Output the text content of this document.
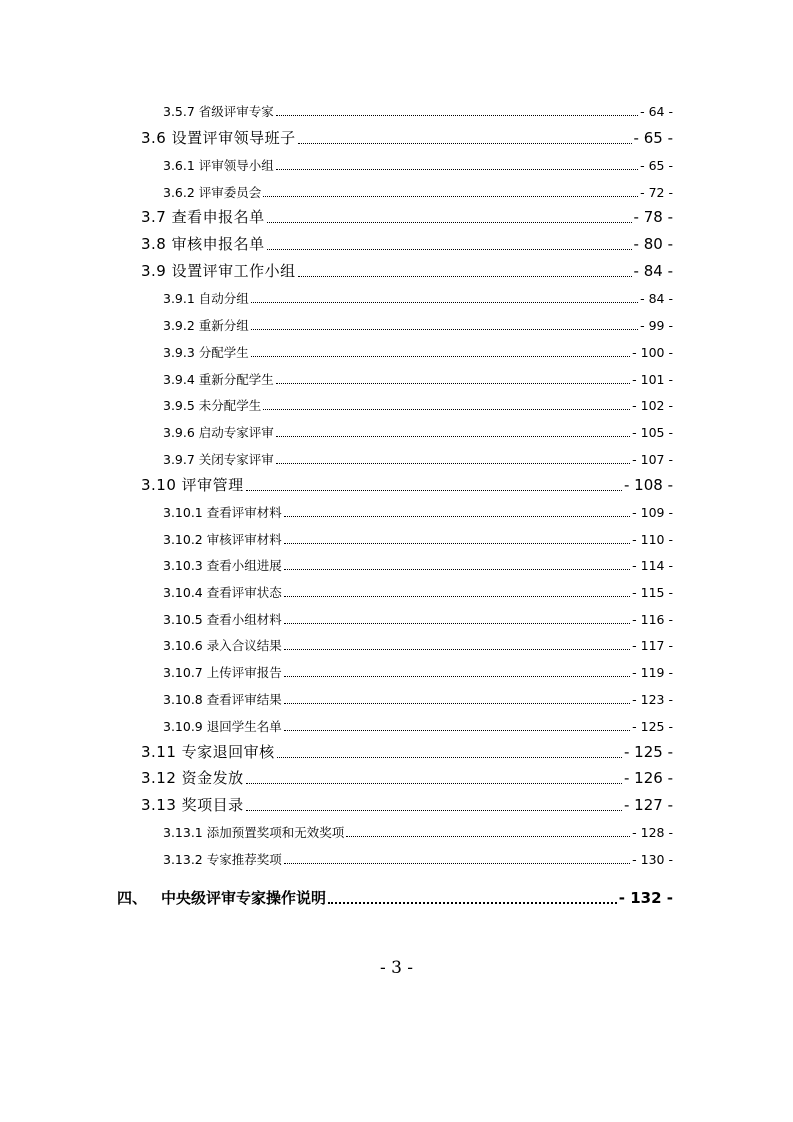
3.5.7 省级评审专家	- 64 -
3.6 设置评审领导班子	- 65 -
3.6.1 评审领导小组	- 65 -
3.6.2 评审委员会	- 72 -
3.7 查看申报名单	- 78 -
3.8 审核申报名单	- 80 -
3.9 设置评审工作小组	- 84 -
3.9.1 自动分组	- 84 -
3.9.2 重新分组	- 99 -
3.9.3 分配学生	- 100 -
3.9.4 重新分配学生	- 101 -
3.9.5 未分配学生	- 102 -
3.9.6 启动专家评审	- 105 -
3.9.7 关闭专家评审	- 107 -
3.10 评审管理	- 108 -
3.10.1 查看评审材料	- 109 -
3.10.2 审核评审材料	- 110 -
3.10.3 查看小组进展	- 114 -
3.10.4 查看评审状态	- 115 -
3.10.5 查看小组材料	- 116 -
3.10.6 录入合议结果	- 117 -
3.10.7 上传评审报告	- 119 -
3.10.8 查看评审结果	- 123 -
3.10.9 退回学生名单	- 125 -
3.11 专家退回审核	- 125 -
3.12 资金发放	- 126 -
3.13 奖项目录	- 127 -
3.13.1 添加预置奖项和无效奖项	- 128 -
3.13.2 专家推荐奖项	- 130 -
四、 中央级评审专家操作说明	- 132 -
- 3 -
